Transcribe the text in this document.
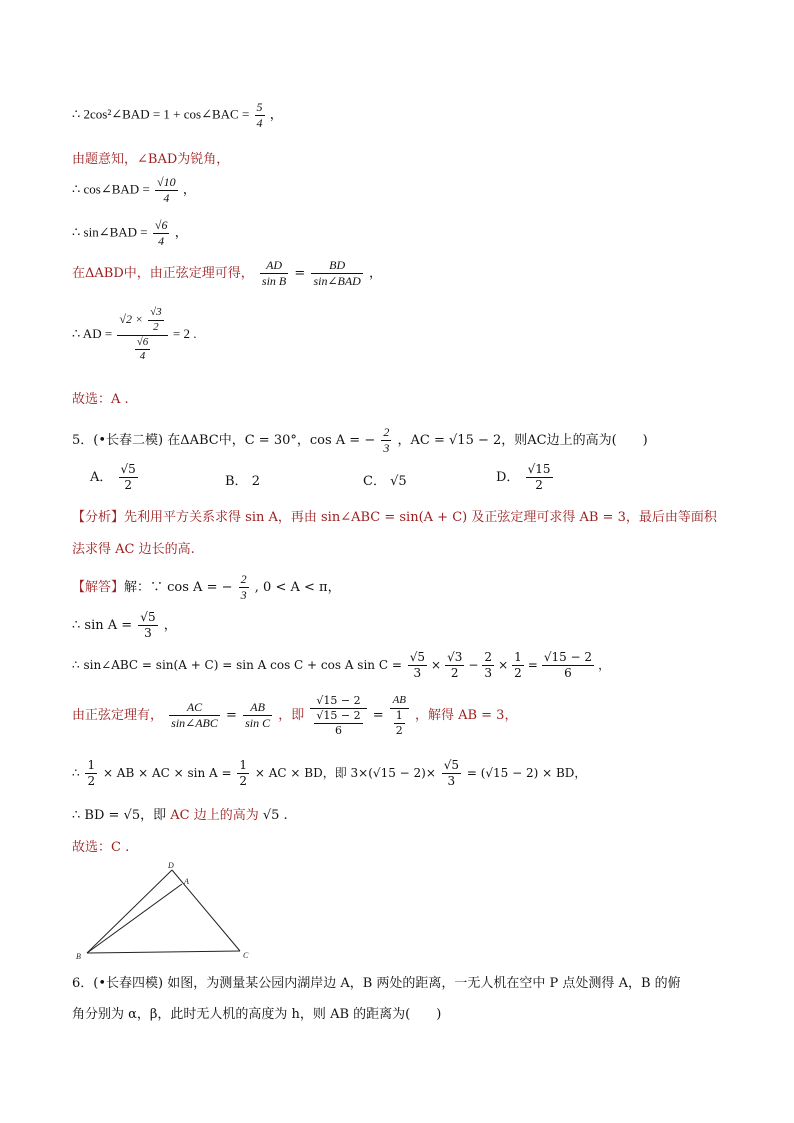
∴ 2cos²∠BAD = 1 + cos∠BAC = $\frac{5}{4}$ ，
由题意知，∠BAD为锐角，
∴ cos∠BAD = $\frac{√10}{4}$ ，
∴ sin∠BAD = $\frac{√6}{4}$ ，
在ΔABD中，由正弦定理可得， $\frac{AD}{\text{sin B}} = \frac{BD}{\text{sin∠BAD}}$ ，
∴ AD = $\frac{√2 \times \frac{√3}{2}}{\frac{√6}{4}} = 2$ .
故选：A .
5．(•长春二模) 在ΔABC中，C = 30°，cos A = − $\frac{2}{3}$ ，AC = √15 − 2，则AC边上的高为(　　)
A． $\frac{√5}{2}$	B． 2	C． √5	D． $\frac{√15}{2}$
【分析】先利用平方关系求得 sin A，再由 sin∠ABC = sin(A + C) 及正弦定理可求得 AB = 3，最后由等面积
法求得 AC 边长的高.
【解答】解：∵ cos A = − $\frac{2}{3}$ , 0 < A < π，
∴ $\sin A = \frac{√5}{3}$ ，
∴ sin∠ABC = sin(A + C) = sin A cos C + cos A $\sin C = \frac{√5}{3} \times \frac{√3}{2} - \frac{2}{3} \times \frac{1}{2} = \frac{√15 - 2}{6}$ ，
由正弦定理有， $\frac{AC}{\text{sin∠ABC}} = \frac{AB}{\text{sin C}}$ ，即 $\frac{√15 - 2}{\frac{√15 - 2}{6}} = \frac{AB}{\frac{1}{2}}$ ，解得 AB = 3，
∴ $\frac{1}{2}$ × AB × AC × $\sin A = \frac{1}{2}$ × AC × BD，即 $3\times(√15 - 2)\times \frac{√5}{3} = (√15 - 2)$ × BD，
∴ BD = √5，即 AC 边上的高为 √5 .
故选：C .
D
A
B	C
6．(•长春四模) 如图，为测量某公园内湖岸边 A，B 两处的距离，一无人机在空中 P 点处测得 A，B 的俯
角分别为 α，β，此时无人机的高度为 h，则 AB 的距离为(　　)
